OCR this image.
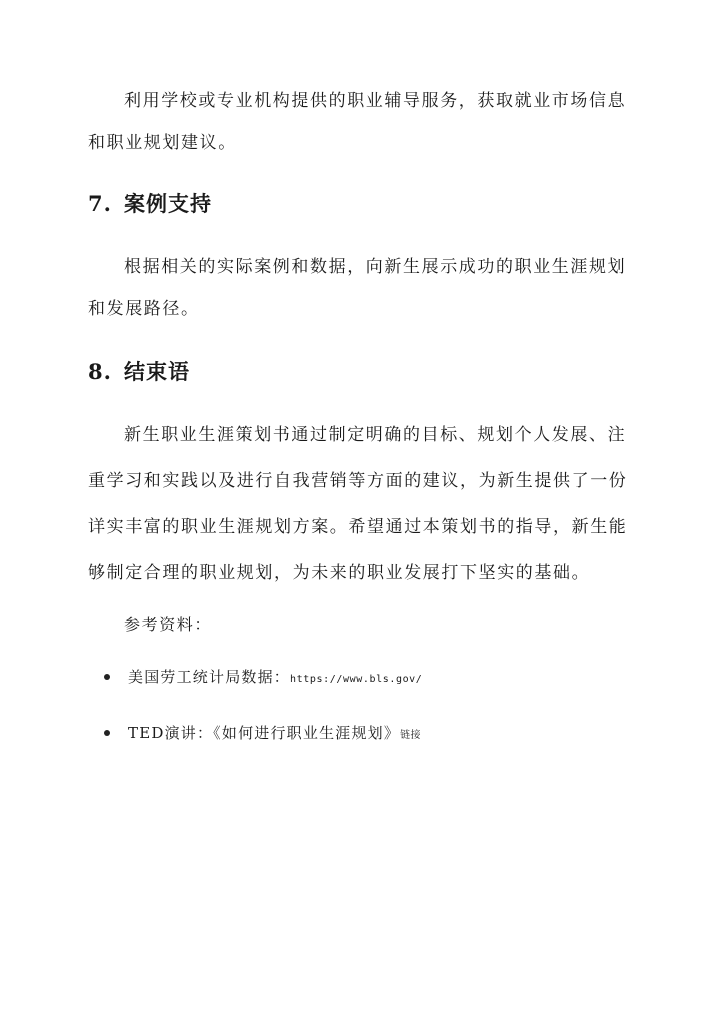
利用学校或专业机构提供的职业辅导服务，获取就业市场信息
和职业规划建议。
7. 案例支持
根据相关的实际案例和数据，向新生展示成功的职业生涯规划
和发展路径。
8. 结束语
新生职业生涯策划书通过制定明确的目标、规划个人发展、注
重学习和实践以及进行自我营销等方面的建议，为新生提供了一份
详实丰富的职业生涯规划方案。希望通过本策划书的指导，新生能
够制定合理的职业规划，为未来的职业发展打下坚实的基础。
参考资料：
美国劳工统计局数据：https://www.bls.gov/
TED演讲：《如何进行职业生涯规划》链接
